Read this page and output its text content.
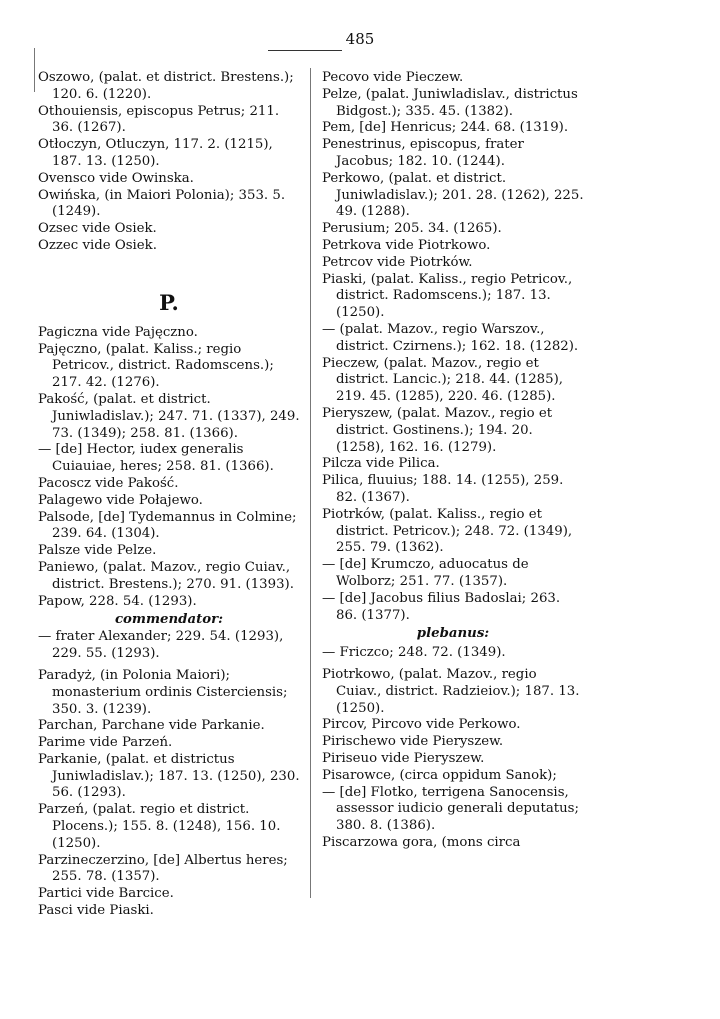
485

Oszowo, (palat. et district. Brestens.); 120. 6. (1220).

Othouiensis, episcopus Petrus; 211. 36. (1267).

Otłoczyn, Otluczyn, 117. 2. (1215), 187. 13. (1250).

Ovensco vide Owinska.

Owińska, (in Maiori Polonia); 353. 5. (1249).

Ozsec vide Osiek.

Ozzec vide Osiek.

P.

Pagiczna vide Pajęczno.

Pajęczno, (palat. Kaliss.; regio Petricov., district. Radomscens.); 217. 42. (1276).

Pakość, (palat. et district. Juniwladislav.); 247. 71. (1337), 249. 73. (1349); 258. 81. (1366).

— [de] Hector, iudex generalis Cuiauiae, heres; 258. 81. (1366).

Pacoscz vide Pakość.

Palagewo vide Połajewo.

Palsode, [de] Tydemannus in Colmine; 239. 64. (1304).

Palsze vide Pelze.

Paniewo, (palat. Mazov., regio Cuiav., district. Brestens.); 270. 91. (1393).

Papow, 228. 54. (1293).

commendator:

— frater Alexander; 229. 54. (1293), 229. 55. (1293).

Paradyż, (in Polonia Maiori); monasterium ordinis Cisterciensis; 350. 3. (1239).

Parchan, Parchane vide Parkanie.

Parime vide Parzeń.

Parkanie, (palat. et districtus Juniwladislav.); 187. 13. (1250), 230. 56. (1293).

Parzeń, (palat. regio et district. Plocens.); 155. 8. (1248), 156. 10. (1250).

Parzineczerzino, [de] Albertus heres; 255. 78. (1357).

Partici vide Barcice.

Pasci vide Piaski.

Pecovo vide Pieczew.

Pelze, (palat. Juniwladislav., districtus Bidgost.); 335. 45. (1382).

Pem, [de] Henricus; 244. 68. (1319).

Penestrinus, episcopus, frater Jacobus; 182. 10. (1244).

Perkowo, (palat. et district. Juniwladislav.); 201. 28. (1262), 225. 49. (1288).

Perusium; 205. 34. (1265).

Petrkova vide Piotrkowo.

Petrcov vide Piotrków.

Piaski, (palat. Kaliss., regio Petricov., district. Radomscens.); 187. 13. (1250).

— (palat. Mazov., regio Warszov., district. Czirnens.); 162. 18. (1282).

Pieczew, (palat. Mazov., regio et district. Lancic.); 218. 44. (1285), 219. 45. (1285), 220. 46. (1285).

Pieryszew, (palat. Mazov., regio et district. Gostinens.); 194. 20. (1258), 162. 16. (1279).

Pilcza vide Pilica.

Pilica, fluuius; 188. 14. (1255), 259. 82. (1367).

Piotrków, (palat. Kaliss., regio et district. Petricov.); 248. 72. (1349), 255. 79. (1362).

— [de] Krumczo, aduocatus de Wolborz; 251. 77. (1357).

— [de] Jacobus filius Badoslai; 263. 86. (1377).

plebanus:

— Friczco; 248. 72. (1349).

Piotrkowo, (palat. Mazov., regio Cuiav., district. Radzieiov.); 187. 13. (1250).

Pircov, Pircovo vide Perkowo.

Pirischewo vide Pieryszew.

Piriseuo vide Pieryszew.

Pisarowce, (circa oppidum Sanok);

— [de] Flotko, terrigena Sanocensis, assessor iudicio generali deputatus; 380. 8. (1386).

Piscarzowa gora, (mons circa
